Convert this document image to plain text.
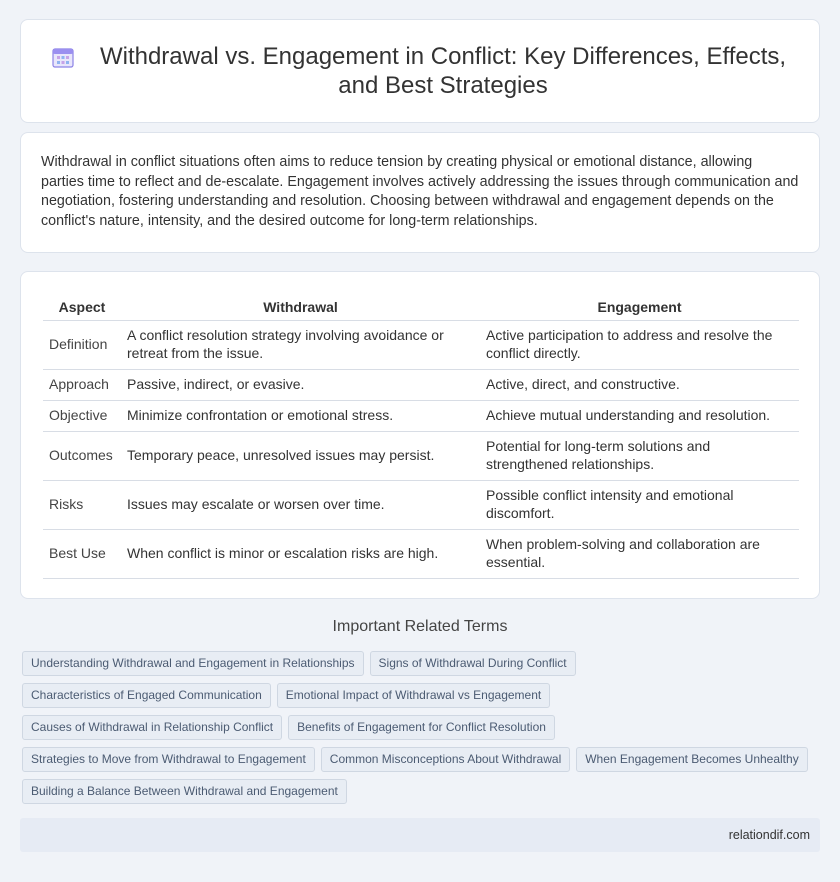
Withdrawal vs. Engagement in Conflict: Key Differences, Effects, and Best Strategies

Withdrawal in conflict situations often aims to reduce tension by creating physical or emotional distance, allowing parties time to reflect and de-escalate. Engagement involves actively addressing the issues through communication and negotiation, fostering understanding and resolution. Choosing between withdrawal and engagement depends on the conflict's nature, intensity, and the desired outcome for long-term relationships.

Aspect	Withdrawal	Engagement
Definition	A conflict resolution strategy involving avoidance or retreat from the issue.	Active participation to address and resolve the conflict directly.
Approach	Passive, indirect, or evasive.	Active, direct, and constructive.
Objective	Minimize confrontation or emotional stress.	Achieve mutual understanding and resolution.
Outcomes	Temporary peace, unresolved issues may persist.	Potential for long-term solutions and strengthened relationships.
Risks	Issues may escalate or worsen over time.	Possible conflict intensity and emotional discomfort.
Best Use	When conflict is minor or escalation risks are high.	When problem-solving and collaboration are essential.
Important Related Terms
Understanding Withdrawal and Engagement in Relationships	Signs of Withdrawal During Conflict
Characteristics of Engaged Communication	Emotional Impact of Withdrawal vs Engagement
Causes of Withdrawal in Relationship Conflict	Benefits of Engagement for Conflict Resolution
Strategies to Move from Withdrawal to Engagement	Common Misconceptions About Withdrawal	When Engagement Becomes Unhealthy
Building a Balance Between Withdrawal and Engagement
relationdif.com
